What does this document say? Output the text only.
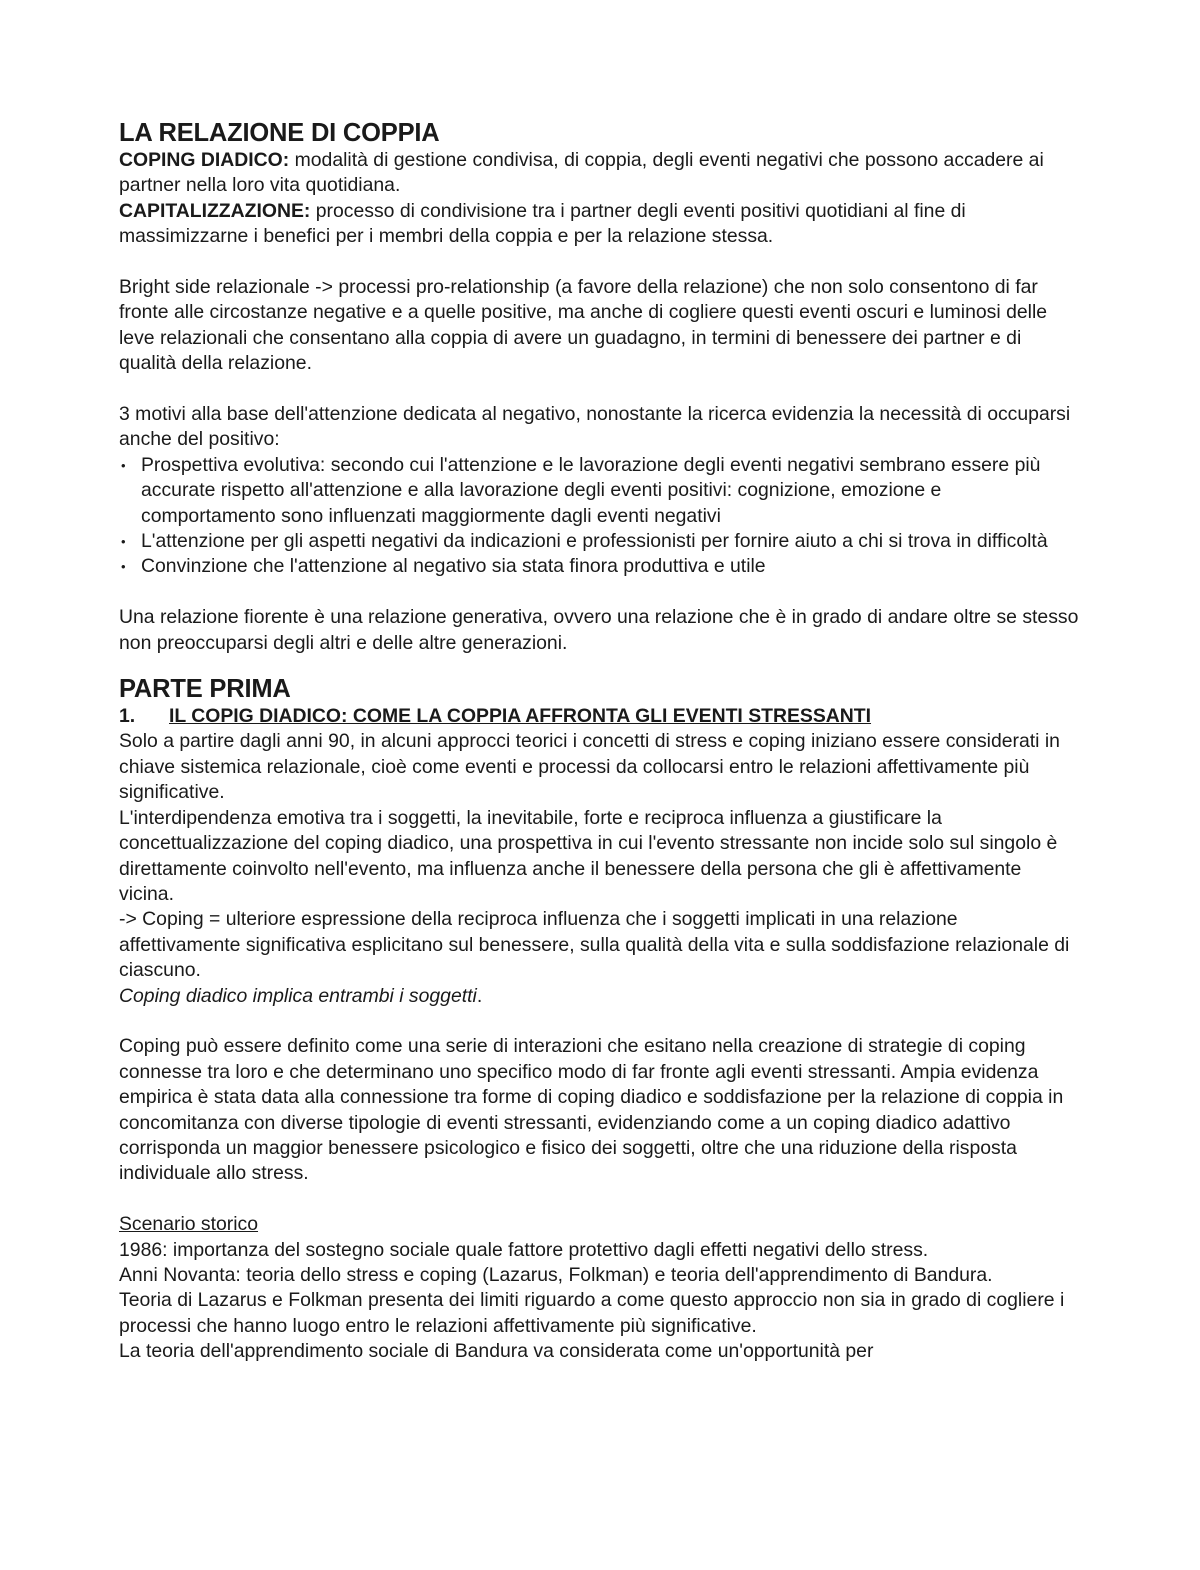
LA RELAZIONE DI COPPIA

COPING DIADICO: modalità di gestione condivisa, di coppia, degli eventi negativi che possono accadere ai partner nella loro vita quotidiana.

CAPITALIZZAZIONE: processo di condivisione tra i partner degli eventi positivi quotidiani al fine di massimizzarne i benefici per i membri della coppia e per la relazione stessa.

Bright side relazionale -> processi pro-relationship (a favore della relazione) che non solo consentono di far fronte alle circostanze negative e a quelle positive, ma anche di cogliere questi eventi oscuri e luminosi delle leve relazionali che consentano alla coppia di avere un guadagno, in termini di benessere dei partner e di qualità della relazione.

3 motivi alla base dell'attenzione dedicata al negativo, nonostante la ricerca evidenzia la necessità di occuparsi anche del positivo:

• Prospettiva evolutiva: secondo cui l'attenzione e le lavorazione degli eventi negativi sembrano essere più accurate rispetto all'attenzione e alla lavorazione degli eventi positivi: cognizione, emozione e comportamento sono influenzati maggiormente dagli eventi negativi
• L'attenzione per gli aspetti negativi da indicazioni e professionisti per fornire aiuto a chi si trova in difficoltà
• Convinzione che l'attenzione al negativo sia stata finora produttiva e utile

Una relazione fiorente è una relazione generativa, ovvero una relazione che è in grado di andare oltre se stesso non preoccuparsi degli altri e delle altre generazioni.

PARTE PRIMA

1. IL COPIG DIADICO: COME LA COPPIA AFFRONTA GLI EVENTI STRESSANTI

Solo a partire dagli anni 90, in alcuni approcci teorici i concetti di stress e coping iniziano essere considerati in chiave sistemica relazionale, cioè come eventi e processi da collocarsi entro le relazioni affettivamente più significative.

L'interdipendenza emotiva tra i soggetti, la inevitabile, forte e reciproca influenza a giustificare la concettualizzazione del coping diadico, una prospettiva in cui l'evento stressante non incide solo sul singolo è direttamente coinvolto nell'evento, ma influenza anche il benessere della persona che gli è affettivamente vicina.

-> Coping = ulteriore espressione della reciproca influenza che i soggetti implicati in una relazione affettivamente significativa esplicitano sul benessere, sulla qualità della vita e sulla soddisfazione relazionale di ciascuno.

Coping diadico implica entrambi i soggetti.

Coping può essere definito come una serie di interazioni che esitano nella creazione di strategie di coping connesse tra loro e che determinano uno specifico modo di far fronte agli eventi stressanti. Ampia evidenza empirica è stata data alla connessione tra forme di coping diadico e soddisfazione per la relazione di coppia in concomitanza con diverse tipologie di eventi stressanti, evidenziando come a un coping diadico adattivo corrisponda un maggior benessere psicologico e fisico dei soggetti, oltre che una riduzione della risposta individuale allo stress.

Scenario storico

1986: importanza del sostegno sociale quale fattore protettivo dagli effetti negativi dello stress.

Anni Novanta: teoria dello stress e coping (Lazarus, Folkman) e teoria dell'apprendimento di Bandura.

Teoria di Lazarus e Folkman presenta dei limiti riguardo a come questo approccio non sia in grado di cogliere i processi che hanno luogo entro le relazioni affettivamente più significative.

La teoria dell'apprendimento sociale di Bandura va considerata come un'opportunità per
